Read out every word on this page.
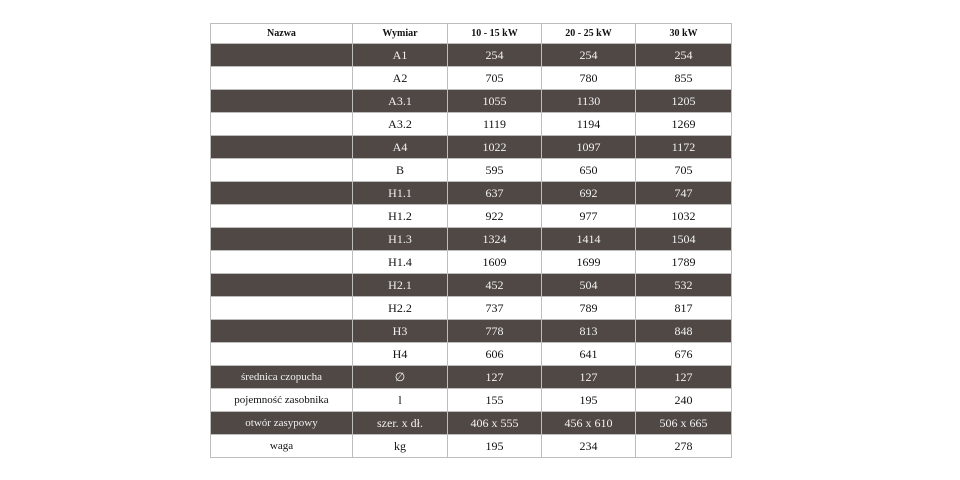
Nazwa	Wymiar	10 - 15 kW	20 - 25 kW	30 kW
	A1	254	254	254
	A2	705	780	855
	A3.1	1055	1130	1205
	A3.2	1119	1194	1269
	A4	1022	1097	1172
	B	595	650	705
	H1.1	637	692	747
	H1.2	922	977	1032
	H1.3	1324	1414	1504
	H1.4	1609	1699	1789
	H2.1	452	504	532
	H2.2	737	789	817
	H3	778	813	848
	H4	606	641	676
średnica czopucha	∅	127	127	127
pojemność zasobnika	l	155	195	240
otwór zasypowy	szer. x dł.	406 x 555	456 x 610	506 x 665
waga	kg	195	234	278
